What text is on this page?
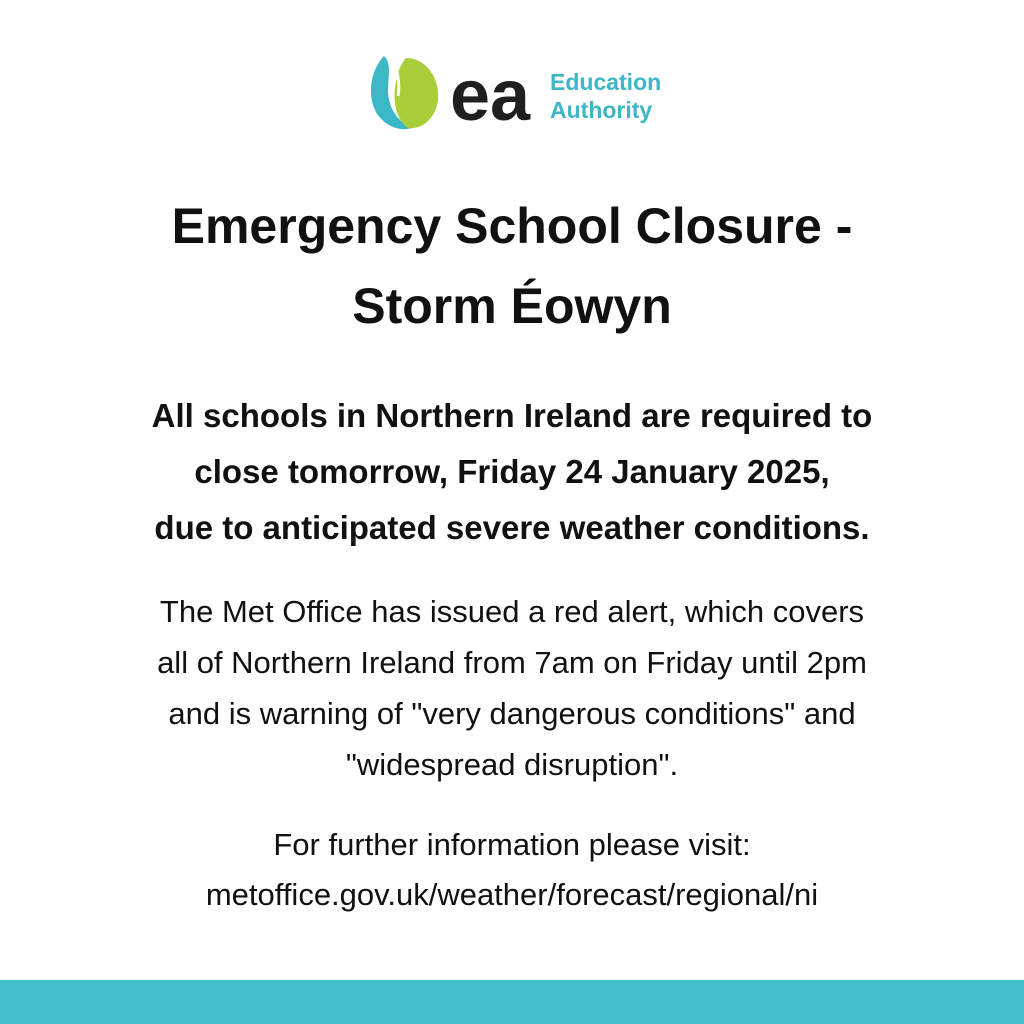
ea Education
Authority
Emergency School Closure -
Storm Éowyn

All schools in Northern Ireland are required to
close tomorrow, Friday 24 January 2025,
due to anticipated severe weather conditions.

The Met Office has issued a red alert, which covers
all of Northern Ireland from 7am on Friday until 2pm
and is warning of "very dangerous conditions" and
"widespread disruption".

For further information please visit:
metoffice.gov.uk/weather/forecast/regional/ni
